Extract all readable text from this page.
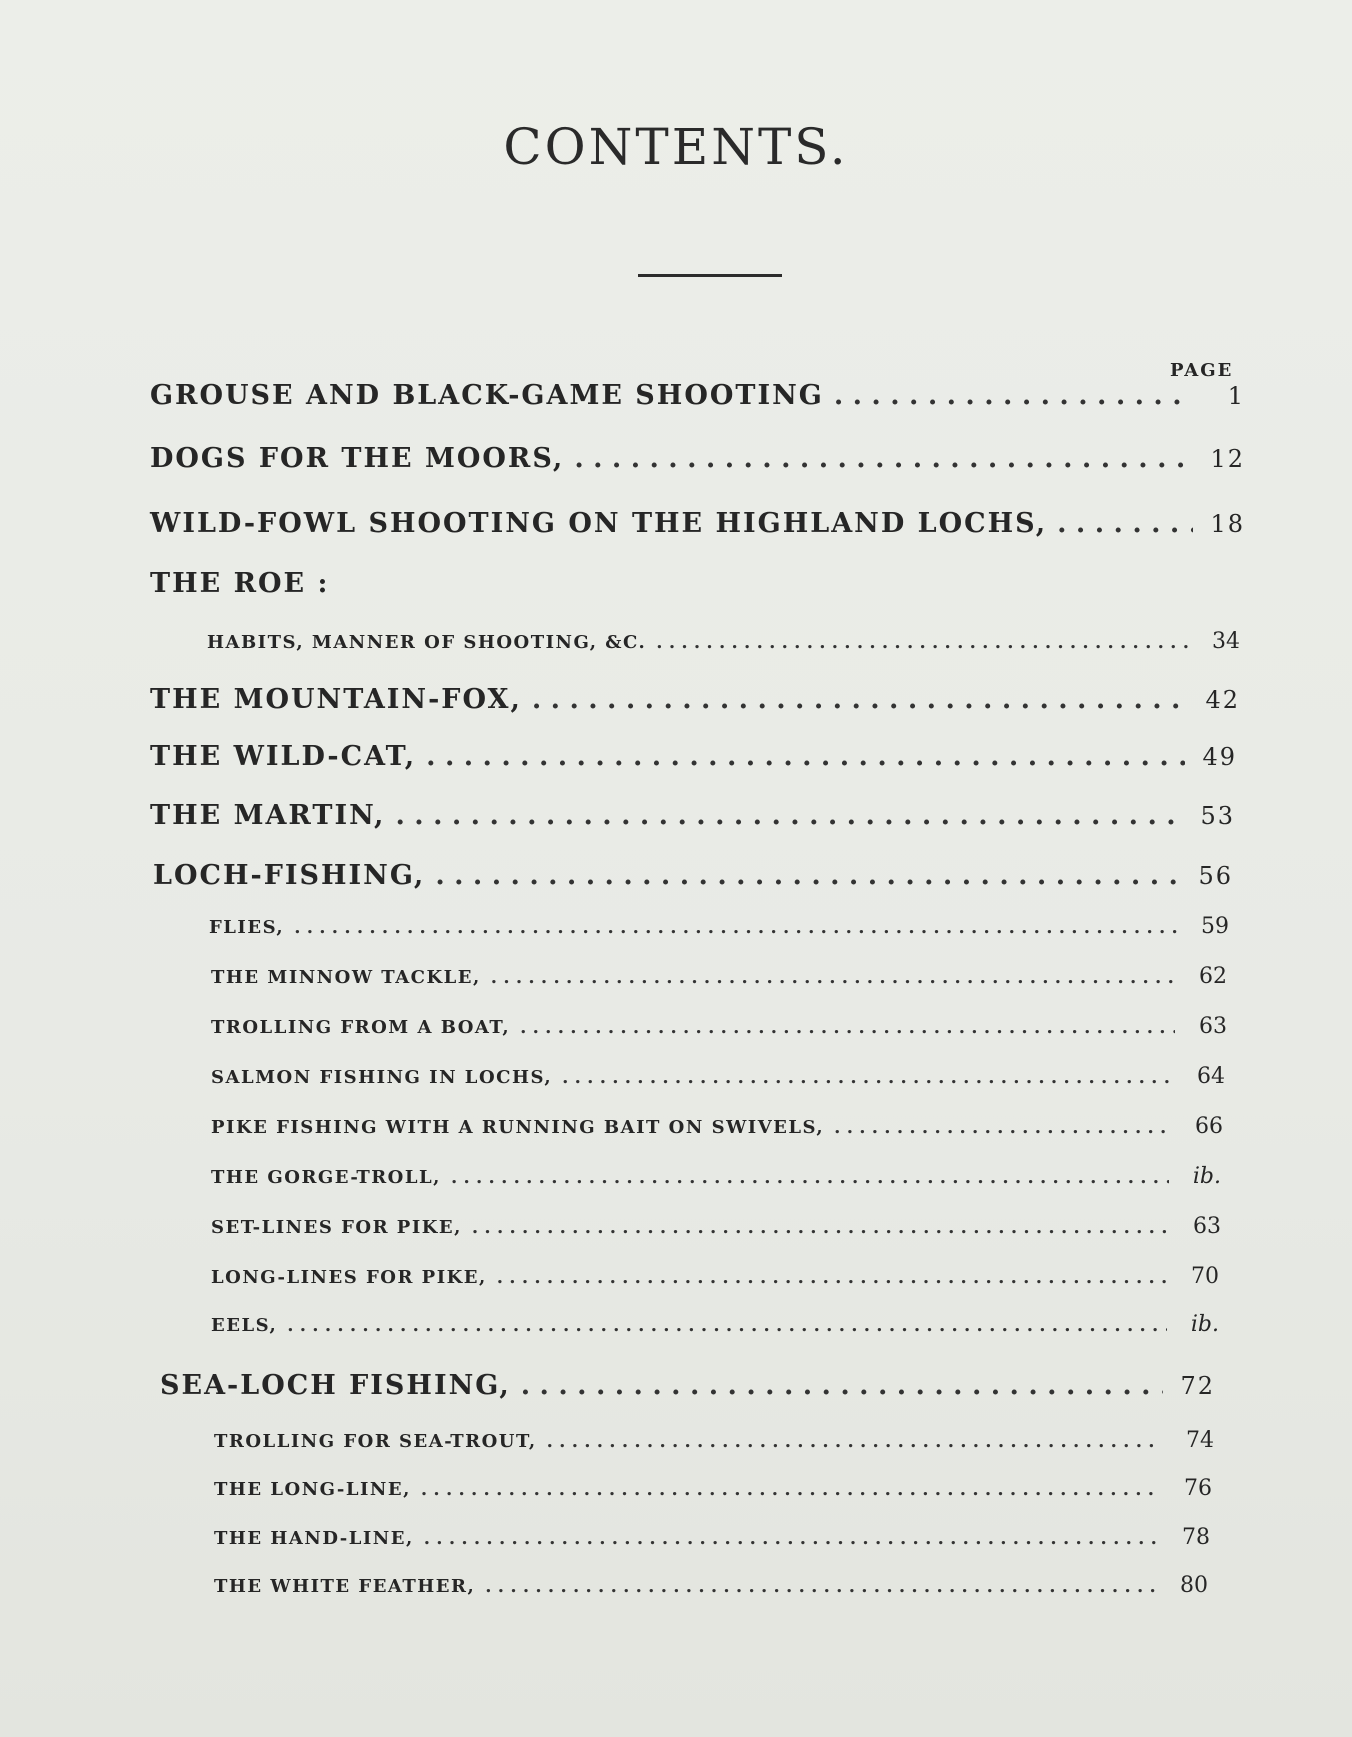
CONTENTS.
PAGE
GROUSE AND BLACK-GAME SHOOTING . . .	1
DOGS FOR THE MOORS, . . .	12
WILD-FOWL SHOOTING ON THE HIGHLAND LOCHS, . . .	18
THE ROE :
HABITS, MANNER OF SHOOTING, &C. . . .	34
THE MOUNTAIN-FOX, . . .	42
THE WILD-CAT, . . .	49
THE MARTIN, . . .	53
LOCH-FISHING, . . .	56
FLIES, . . .	59
THE MINNOW TACKLE, . . .	62
TROLLING FROM A BOAT, . . .	63
SALMON FISHING IN LOCHS, . . .	64
PIKE FISHING WITH A RUNNING BAIT ON SWIVELS, . . .	66
THE GORGE-TROLL, . . .	ib.
SET-LINES FOR PIKE, . . .	63
LONG-LINES FOR PIKE, . . .	70
EELS, . . .	ib.
SEA-LOCH FISHING, . . .	72
TROLLING FOR SEA-TROUT, . . .	74
THE LONG-LINE, . . .	76
THE HAND-LINE, . . .	78
THE WHITE FEATHER, . . .	80
